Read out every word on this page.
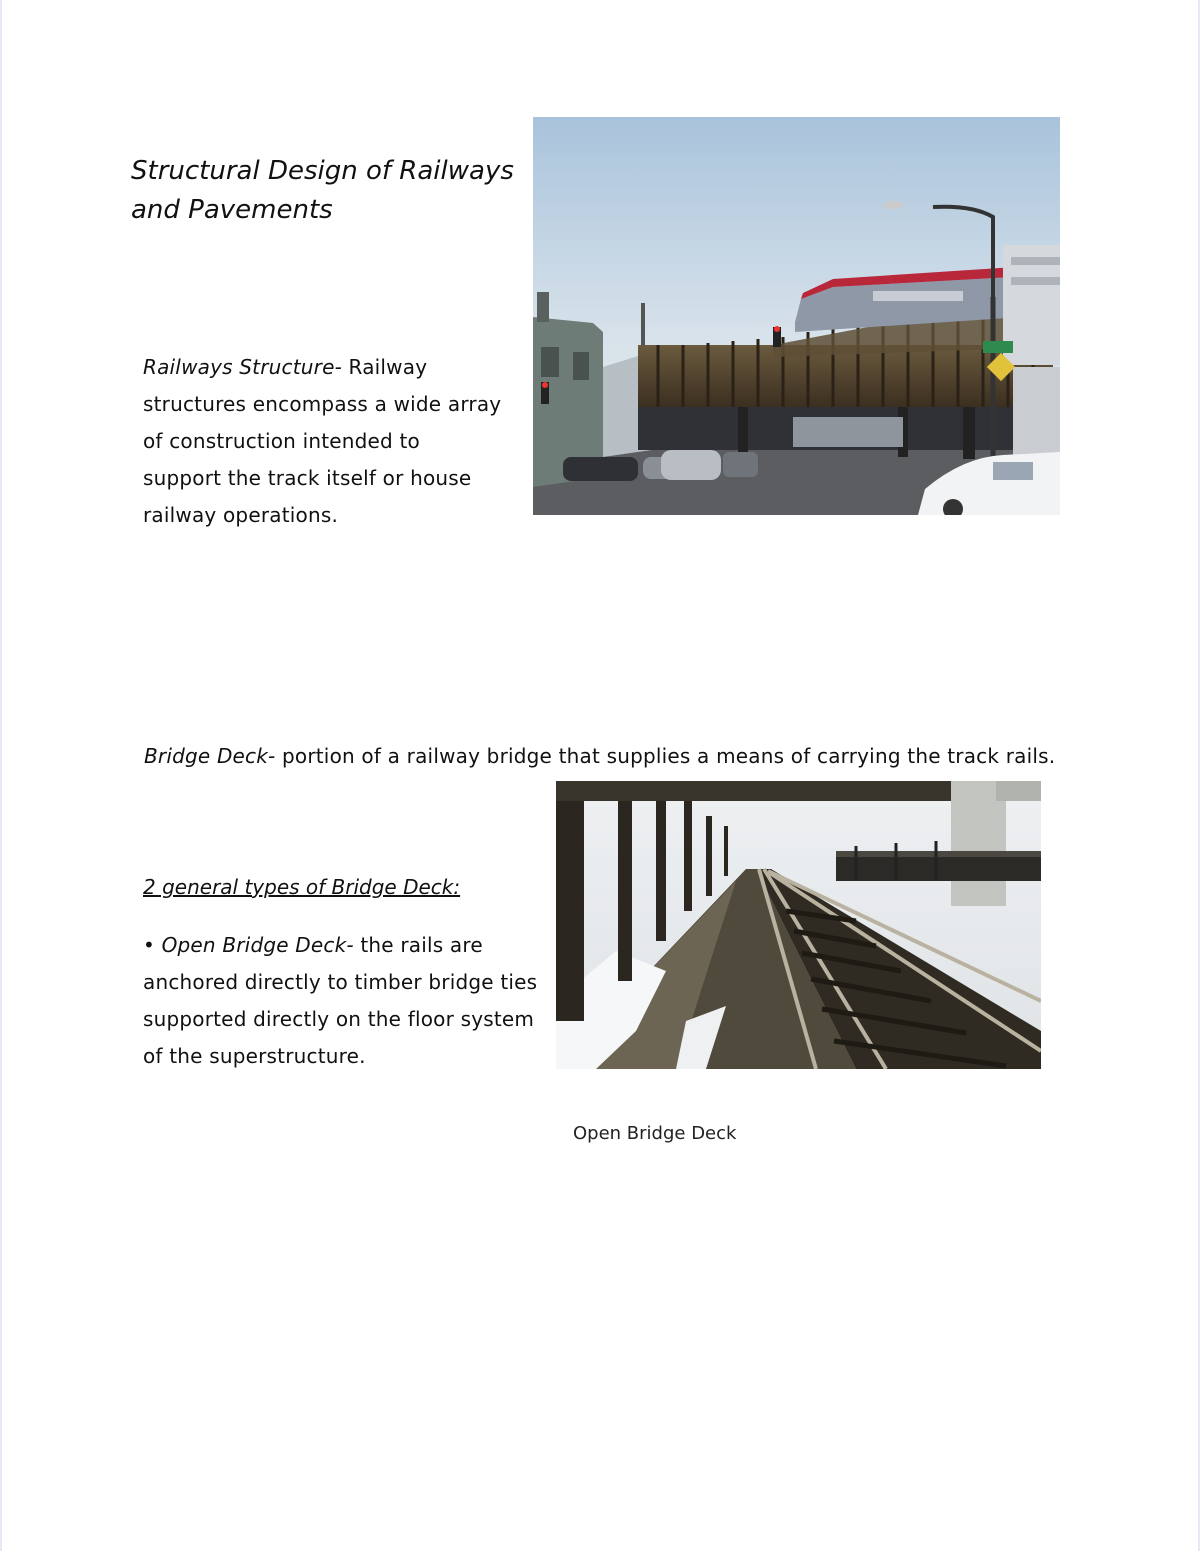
Structural Design of Railways
and Pavements
Railways Structure- Railway structures encompass a wide array of construction intended to support the track itself or house railway operations.
Bridge Deck- portion of a railway bridge that supplies a means of carrying the track rails.
2 general types of Bridge Deck:
• Open Bridge Deck- the rails are anchored directly to timber bridge ties supported directly on the floor system of the superstructure.
Open Bridge Deck
